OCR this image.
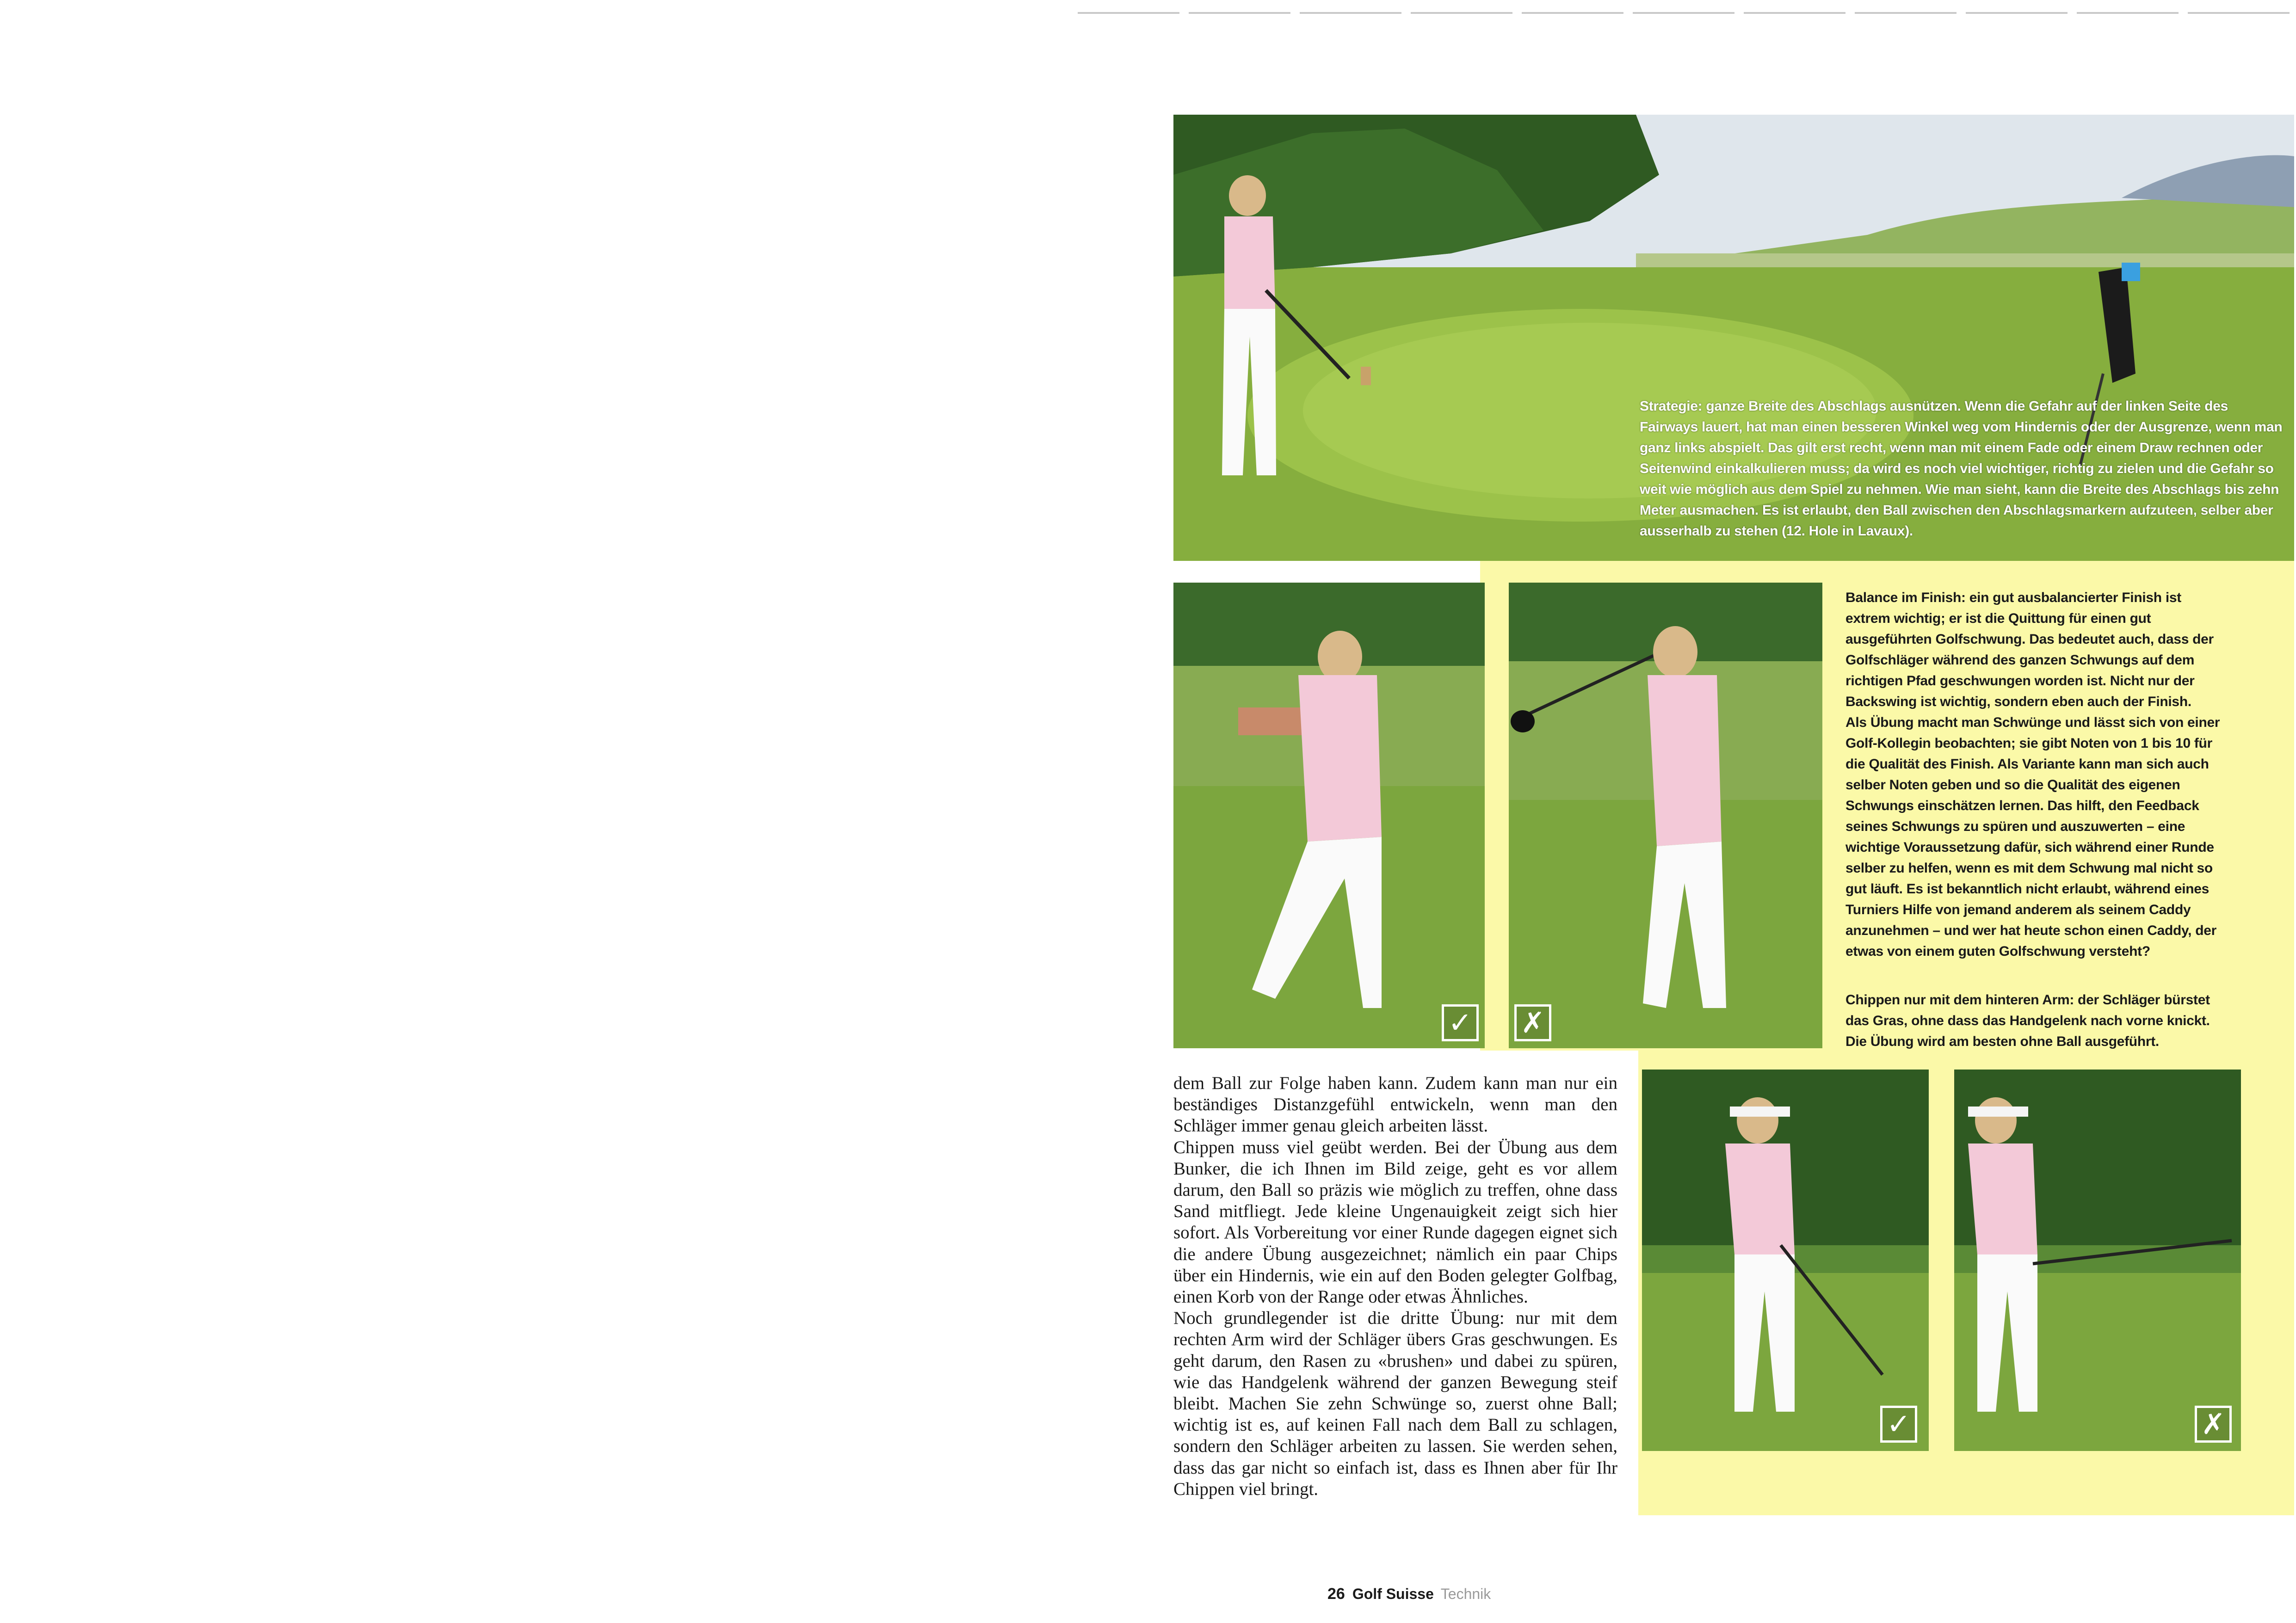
Strategie: ganze Breite des Abschlags ausnützen. Wenn die Gefahr auf der linken Seite des Fairways lauert, hat man einen besseren Winkel weg vom Hindernis oder der Ausgrenze, wenn man ganz links abspielt. Das gilt erst recht, wenn man mit einem Fade oder einem Draw rechnen oder Seitenwind einkalkulieren muss; da wird es noch viel wichtiger, richtig zu zielen und die Gefahr so weit wie möglich aus dem Spiel zu nehmen. Wie man sieht, kann die Breite des Abschlags bis zehn Meter ausmachen. Es ist erlaubt, den Ball zwischen den Abschlagsmarkern aufzuteen, selber aber ausserhalb zu stehen (12. Hole in Lavaux).

✓ ✗

Balance im Finish: ein gut ausbalancierter Finish ist extrem wichtig; er ist die Quittung für einen gut ausgeführten Golfschwung. Das bedeutet auch, dass der Golfschläger während des ganzen Schwungs auf dem richtigen Pfad geschwungen worden ist. Nicht nur der Backswing ist wichtig, sondern eben auch der Finish.

Als Übung macht man Schwünge und lässt sich von einer Golf-Kollegin beobachten; sie gibt Noten von 1 bis 10 für die Qualität des Finish. Als Variante kann man sich auch selber Noten geben und so die Qualität des eigenen Schwungs einschätzen lernen. Das hilft, den Feedback seines Schwungs zu spüren und auszuwerten – eine wichtige Voraussetzung dafür, sich während einer Runde selber zu helfen, wenn es mit dem Schwung mal nicht so gut läuft. Es ist bekanntlich nicht erlaubt, während eines Turniers Hilfe von jemand anderem als seinem Caddy anzunehmen – und wer hat heute schon einen Caddy, der etwas von einem guten Golfschwung versteht?

Chippen nur mit dem hinteren Arm: der Schläger bürstet das Gras, ohne dass das Handgelenk nach vorne knickt. Die Übung wird am besten ohne Ball ausgeführt.

✓	✗

dem Ball zur Folge haben kann. Zudem kann man nur ein beständiges Distanzgefühl entwickeln, wenn man den Schläger immer genau gleich arbeiten lässt.

Chippen muss viel geübt werden. Bei der Übung aus dem Bunker, die ich Ihnen im Bild zeige, geht es vor allem darum, den Ball so präzis wie möglich zu treffen, ohne dass Sand mitfliegt. Jede kleine Ungenauigkeit zeigt sich hier sofort. Als Vorbereitung vor einer Runde dagegen eignet sich die andere Übung ausgezeichnet; nämlich ein paar Chips über ein Hindernis, wie ein auf den Boden gelegter Golfbag, einen Korb von der Range oder etwas Ähnliches.

Noch grundlegender ist die dritte Übung: nur mit dem rechten Arm wird der Schläger übers Gras geschwungen. Es geht darum, den Rasen zu «brushen» und dabei zu spüren, wie das Handgelenk während der ganzen Bewegung steif bleibt. Machen Sie zehn Schwünge so, zuerst ohne Ball; wichtig ist es, auf keinen Fall nach dem Ball zu schlagen, sondern den Schläger arbeiten zu lassen. Sie werden sehen, dass das gar nicht so einfach ist, dass es Ihnen aber für Ihr Chippen viel bringt.

26 Golf Suisse Technik
